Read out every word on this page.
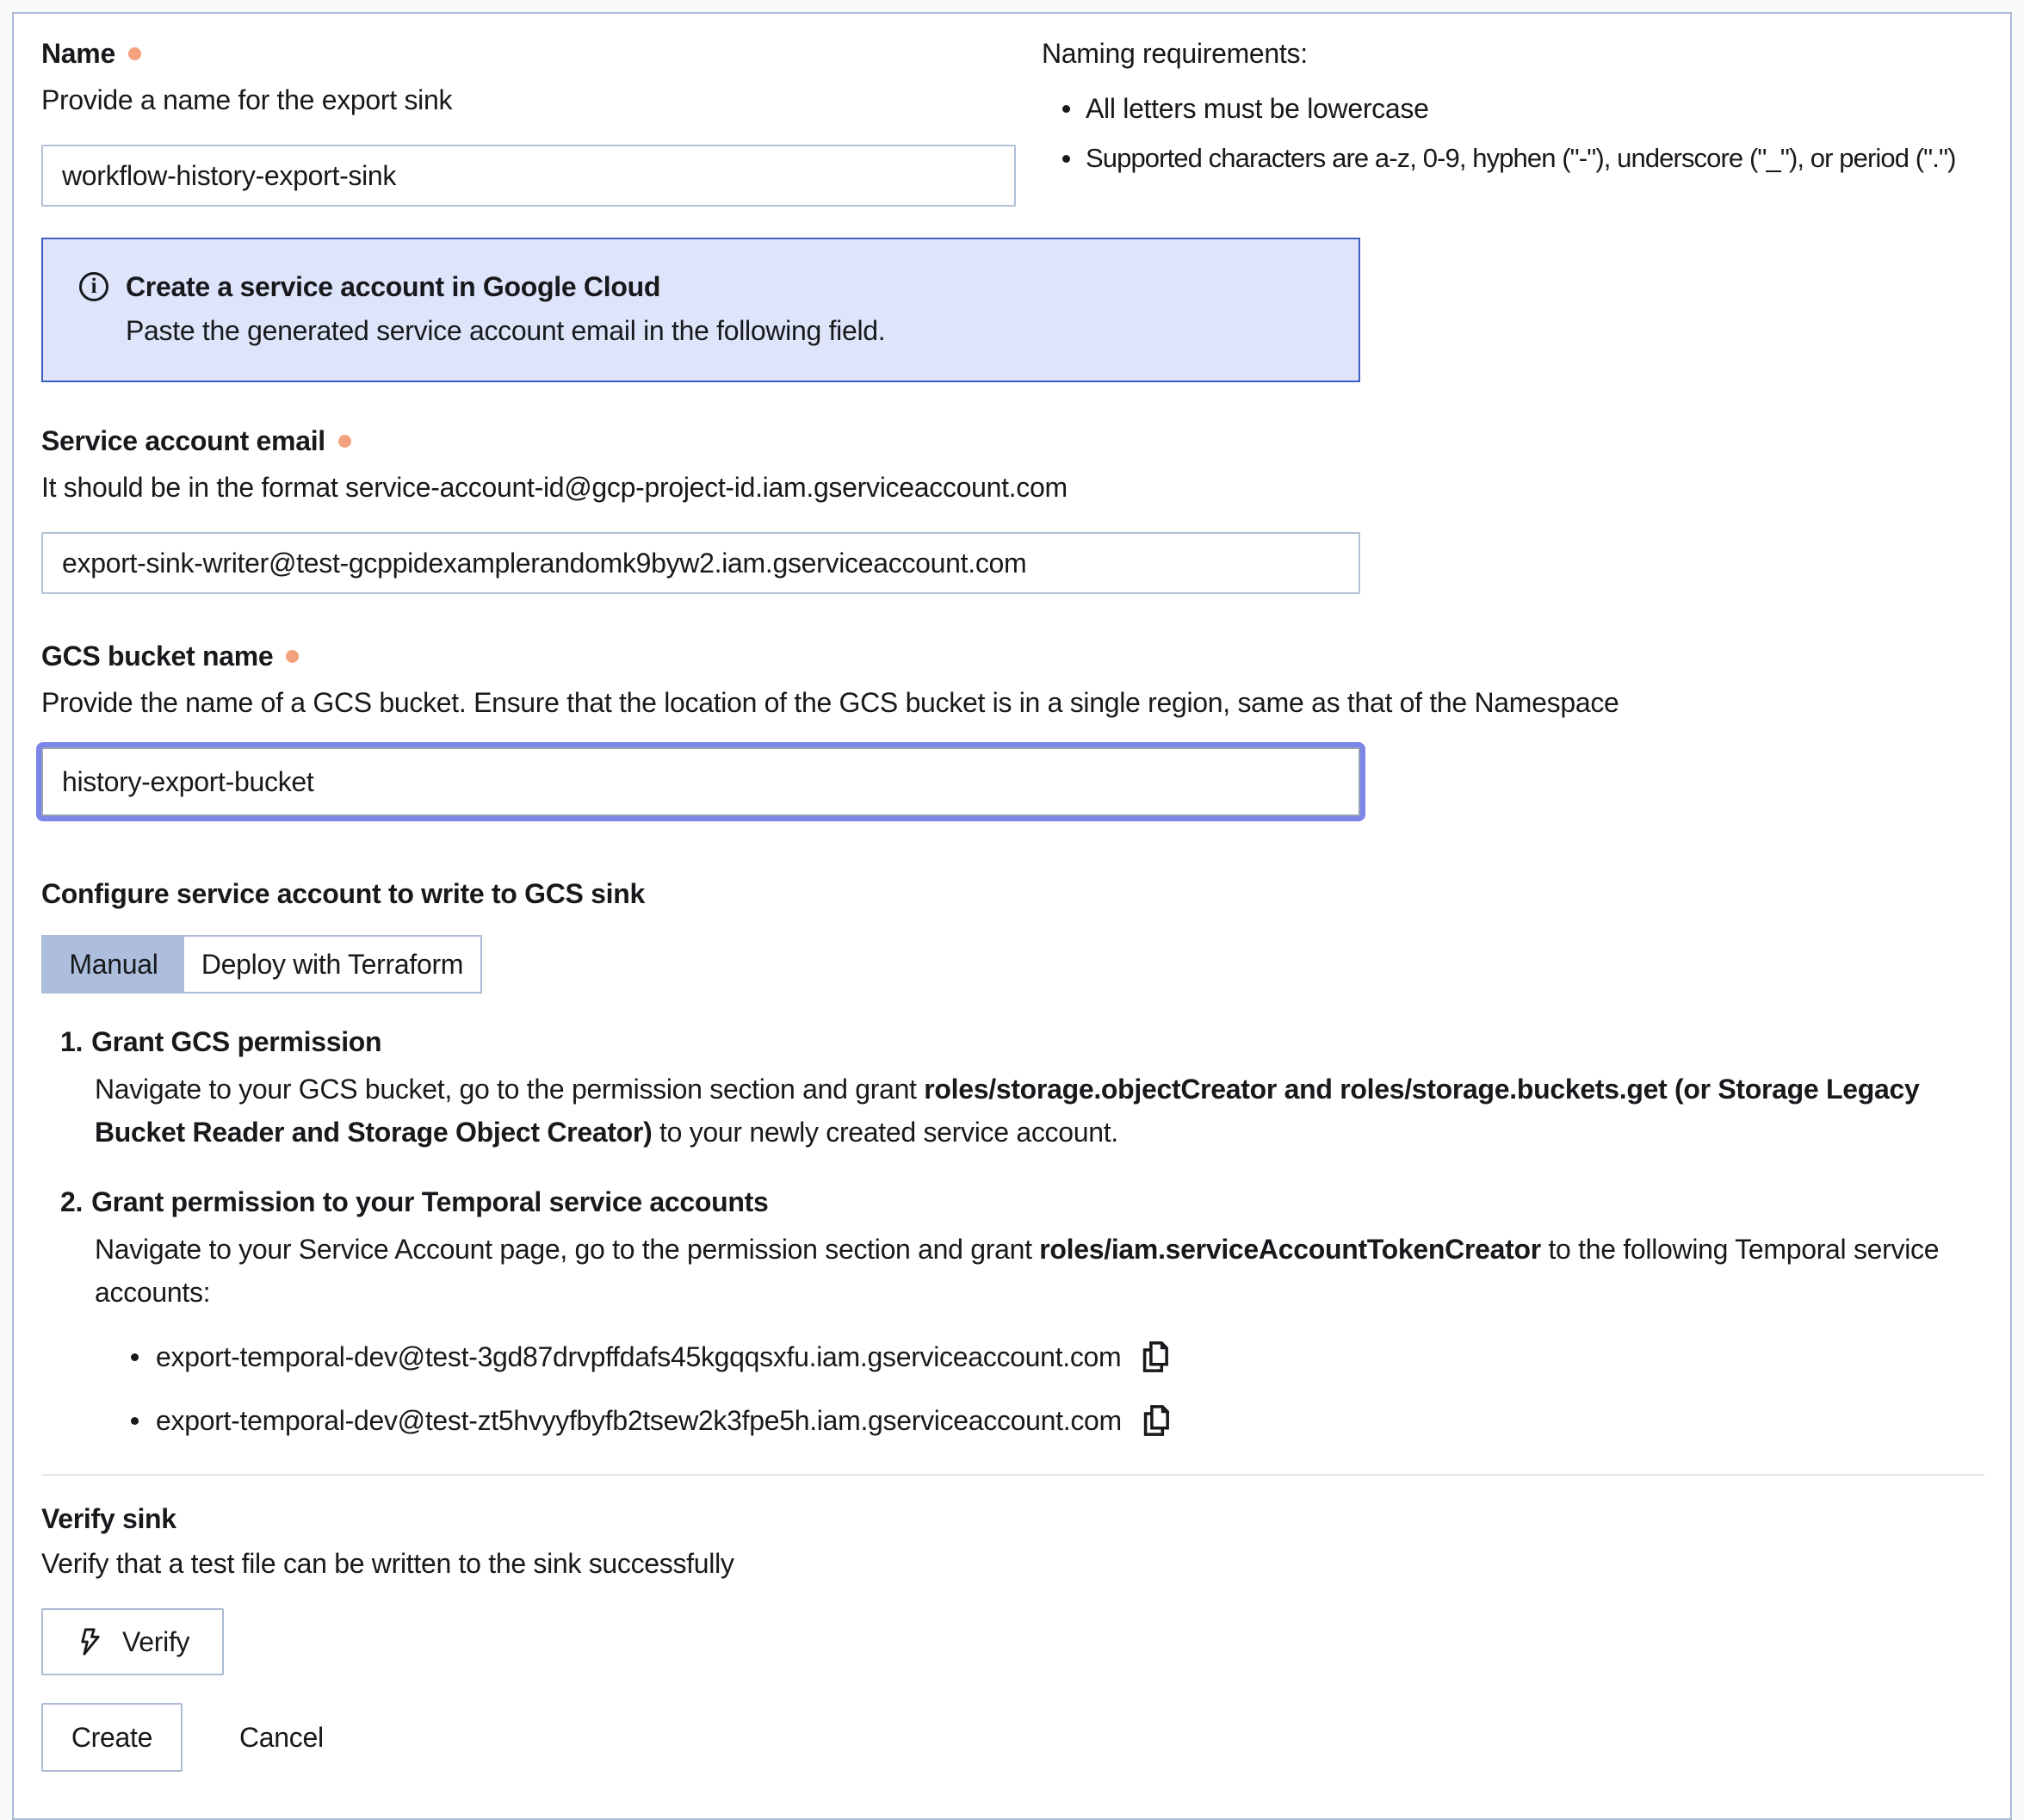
Name
Provide a name for the export sink
workflow-history-export-sink
Naming requirements:
All letters must be lowercase
Supported characters are a-z, 0-9, hyphen ("-"), underscore ("_"), or period (".")
i	Create a service account in Google Cloud
Paste the generated service account email in the following field.
Service account email
It should be in the format service-account-id@gcp-project-id.iam.gserviceaccount.com
export-sink-writer@test-gcppidexamplerandomk9byw2.iam.gserviceaccount.com
GCS bucket name
Provide the name of a GCS bucket. Ensure that the location of the GCS bucket is in a single region, same as that of the Namespace
history-export-bucket
Configure service account to write to GCS sink
Manual	Deploy with Terraform
1. Grant GCS permission
Navigate to your GCS bucket, go to the permission section and grant roles/storage.objectCreator and roles/storage.buckets.get (or Storage Legacy Bucket Reader and Storage Object Creator) to your newly created service account.
2. Grant permission to your Temporal service accounts
Navigate to your Service Account page, go to the permission section and grant roles/iam.serviceAccountTokenCreator to the following Temporal service accounts:
export-temporal-dev@test-3gd87drvpffdafs45kgqqsxfu.iam.gserviceaccount.com
export-temporal-dev@test-zt5hvyyfbyfb2tsew2k3fpe5h.iam.gserviceaccount.com
Verify sink
Verify that a test file can be written to the sink successfully
Verify
Create	Cancel
